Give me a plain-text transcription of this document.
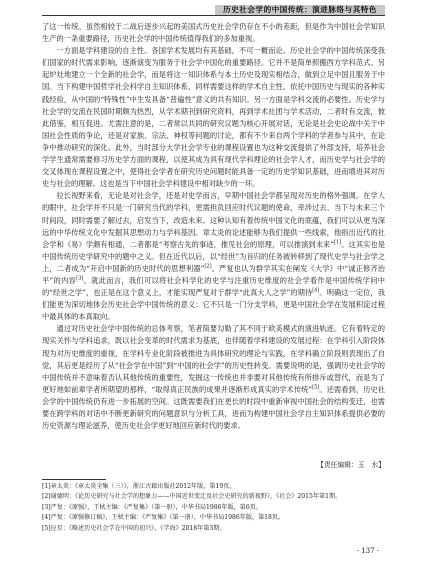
历史社会学的中国传统：演进脉络与其特色

了这一传统。虽然相较于二战后逐步兴起的美国式历史社会学仍存在不小的差距，但是作为中国社会学知识生产的一条重要路径，历史社会学的中国传统值得我们的多加重视。

一方面是学科建设的自主性。各国学术发展均有其基础，不可一概而论。历史社会学的中国传统深受我们国家的时代需求影响，逐渐演变为服务于社会学中国化的重要路径。它并不是简单照搬西方学科范式、另起炉灶地建立一个全新的社会学，而是将这一知识体系与本土历史及现实相结合，做到立足中国且服务于中国。当下构建中国哲学社会科学自主知识体系，同样需要这样的学术自主性，依托中国历史与现实的各种实践经验，从中国的“特殊性”中生发具备“普遍性”意义的共有知识。另一方面是学科交流的必要性。历史学与社会学的交流在民国时期颇为热烈，从学术期刊到研究资料，再到学术社团与学术活动，二者时有交流，彼此借鉴，相互促进。尤需注意的是，二者常以共同的研究议题为核心开展对话，无论是社会史论战中关于中国社会性质的争论，还是对家族、宗法、神权等问题的讨论，都有不少来自两个学科的学者参与其中，在论争中推动研究的深化。此外，当时部分大学社会学专业的课程设置也为这种交流提供了外部支持，培养社会学学生通常需要修习历史学方面的课程，以使其成为具有现代学科理论的社会学人才，而历史学与社会学的交叉体现在课程设置之中，使得社会学者在研究历史问题时能具备一定的历史学知识基础，进而增进其对历史与社会的理解。这也是当下中国社会学科建设中相对缺少的一环。

拉长视野来看，无论是对社会学，还是对史学而言，早期中国社会学都呈现对历史的格外强调。在学人的眼中，社会学并不只是一门研究当代的学科，更需担负回应时代议题的使命，牵涉过去、当下与未来三个时间段，同时需要了解过去，启发当下，改造未来。这种认知有着传统中国文化的底蕴，我们可以从更为深远的中华传统文化中发掘其思想动力与学科基因。章太炎的论述能够为我们提供一些线索，他指出近代的社会学和《易》学颇有相通，二者都是“考察古先的事迹，推见社会的原理，可以推演到未来”[1]。这其实也是中国传统历史学研究中的题中之义。但在近代以后，以“经世”为旨归的任务被转移到了现代史学与社会学之上，二者成为“开启中国新的历史时代的思想利器”[2]。严复也认为群学其实在阐发《大学》中“诚正修齐治平”的内容[3]。就此而言，我们可以将社会科学化的史学与注重历史维度的社会学看作是中国传统学问中的“经世之学”，也正是在这个意义上，才能实现严复对于群学“此真大人之学”的期待[4]。明确这一定位，我们能更为深切地体会历史社会学中国传统的意义：它不只是一门分支学科，更是中国社会学在发展积淀过程中最具体的本真取向。

通过对历史社会学中国传统的总体考察，笔者简要勾勒了其不同于欧美模式的演进轨迹。它有着特定的现实关怀与学科追求，既以社会变革的时代需求为基底，也伴随着学科建设的发展过程：在学科引入阶段体现为对历史维度的重视，在学科专业化阶段被推进为具体研究的理论与实践，在学科确立阶段则表现出了自觉，其后更是经历了从“社会学在中国”到“中国的社会学”的历史性转变。需要说明的是，强调历史社会学的中国传统并不意味着否认其他传统的重要性，发掘这一传统也并非要对其他传统有所排斥或替代，而是为了更好地如前辈学者所期望的那样，“取得真正民族的成果并逐渐形成真实的学术传统”[5]。还需看到，历史社会学的中国传统仍有进一步拓展的空间。这既需要我们在更长的时段中重新审视中国社会的结构变迁，也需要在跨学科的对话中不断更新研究的问题意识与分析工具，进而为构建中国社会学自主知识体系提供必要的历史资源与理论滋养，使历史社会学更好地回应新时代的要求。

【责任编辑：玉　水】
[1]章太炎：《章太炎全集（三）》，浙江古籍出版社2012年版，第19页。
[2]谢德明：《论历史研究与社会学的想象力——中国近世变迁及社会史研究的新视野》，《社会》2015年第1期。
[3]严复：《原强》，王栻主编：《严复集》（第一册），中华书局1986年版，第6页。
[4]严复：《原强修订稿》，王栻主编：《严复集》（第一册），中华书局1986年版，第18页。
[5]应星：《略述历史社会学在中国的初兴》，《学海》2018年第3期。
· 137 ·
